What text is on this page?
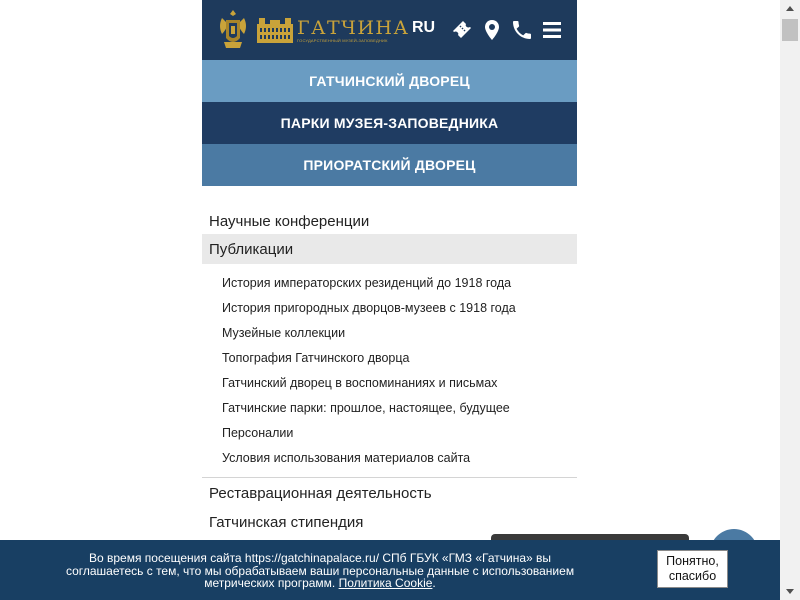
ГАТЧИНА
ГОСУДАРСТВЕННЫЙ МУЗЕЙ-ЗАПОВЕДНИК
RU
ГАТЧИНСКИЙ ДВОРЕЦ
ПАРКИ МУЗЕЯ-ЗАПОВЕДНИКА
ПРИОРАТСКИЙ ДВОРЕЦ
Научные конференции
Публикации
История императорских резиденций до 1918 года
История пригородных дворцов-музеев с 1918 года
Музейные коллекции
Топография Гатчинского дворца
Гатчинский дворец в воспоминаниях и письмах
Гатчинские парки: прошлое, настоящее, будущее
Персоналии
Условия использования материалов сайта
Реставрационная деятельность
Гатчинская стипендия
Во время посещения сайта https://gatchinapalace.ru/ СПб ГБУК «ГМЗ «Гатчина» вы соглашаетесь с тем, что мы обрабатываем ваши персональные данные с использованием метрических программ. Политика Cookie.
Понятно,
спасибо
